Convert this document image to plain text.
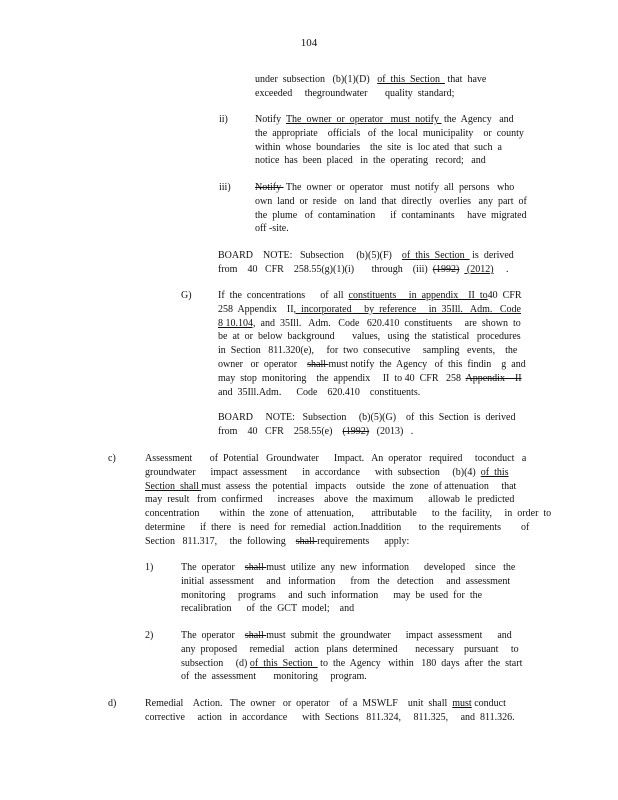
104
under  subsection   (b)(1)(D)   of  this  Section   that  have
exceeded     thegroundwater       quality  standard;
ii)	Notify  The  owner  or  operator   must  notify  the  Agency   and
the  appropriate    officials   of  the  local  municipality    or  county
within  whose  boundaries    the  site  is  loc ated  that  such  a
notice  has  been  placed   in  the  operating   record;   and
iii) Notify  The  owner  or  operator   must  notify  all  persons   who
own  land  or  reside   on  land  that  directly   overlies   any  part  of
the  plume   of  contamination      if  contaminants     have  migrated
off -site.
BOARD    NOTE:   Subsection     (b)(5)(F)    of  this  Section   is  derived
from    40   CFR    258.55(g)(1)(i)       through    (iii)  (1992)   (2012)     .
G)	If  the  concentrations      of  all  constituents     in  appendix    II  to40  CFR
258  Appendix    II,  incorporated     by  reference     in  35Ill.   Adm.   Code
8 10.104,  and  35Ill.   Adm.   Code   620.410  constituents     are  shown  to
be  at  or  below  background       values,   using  the  statistical   procedures
in  Section   811.320(e),     for  two  consecutive     sampling   events,    the
owner   or  operator    shall must notify  the  Agency   of  this  findin    g  and
may  stop  monitoring    the  appendix     II  to 40  CFR   258  Appendix    II
and  35Ill.Adm.      Code    620.410    constituents.
BOARD     NOTE:   Subsection     (b)(5)(G)    of  this  Section  is  derived
from    40   CFR    258.55(e)    (1992)   (2013)   .
c)	Assessment       of  Potential   Groundwater      Impact.   An  operator   required     toconduct   a
groundwater      impact  assessment      in  accordance      with  subsection     (b)(4)  of  this
Section  shall must  assess  the  potential   impacts    outside   the  zone  of attenuation     that
may  result   from  confirmed      increases    above   the  maximum      allowab  le  predicted
concentration        within   the  zone  of  attenuation,       attributable      to  the  facility,     in  order  to
determine      if  there   is  need  for  remedial   action.Inaddition       to  the  requirements        of
Section   811.317,     the  following    shall requirements      apply:
1)	The  operator    shall must  utilize  any  new  information      developed    since   the
initial  assessment     and   information      from   the   detection     and  assessment
monitoring     programs     and  such  information      may  be  used  for  the
recalibration      of  the  GCT  model;    and
2)	The  operator    shall must  submit  the  groundwater      impact  assessment      and
any  proposed     remedial    action   plans  determined       necessary    pursuant     to
subsection     (d) of  this  Section   to  the  Agency   within   180  days  after  the  start
of  the  assessment       monitoring     program.
d)	Remedial    Action.   The  owner   or  operator    of  a  MSWLF    unit  shall  must conduct
corrective     action   in  accordance      with  Sections   811.324,     811.325,     and  811.326.
